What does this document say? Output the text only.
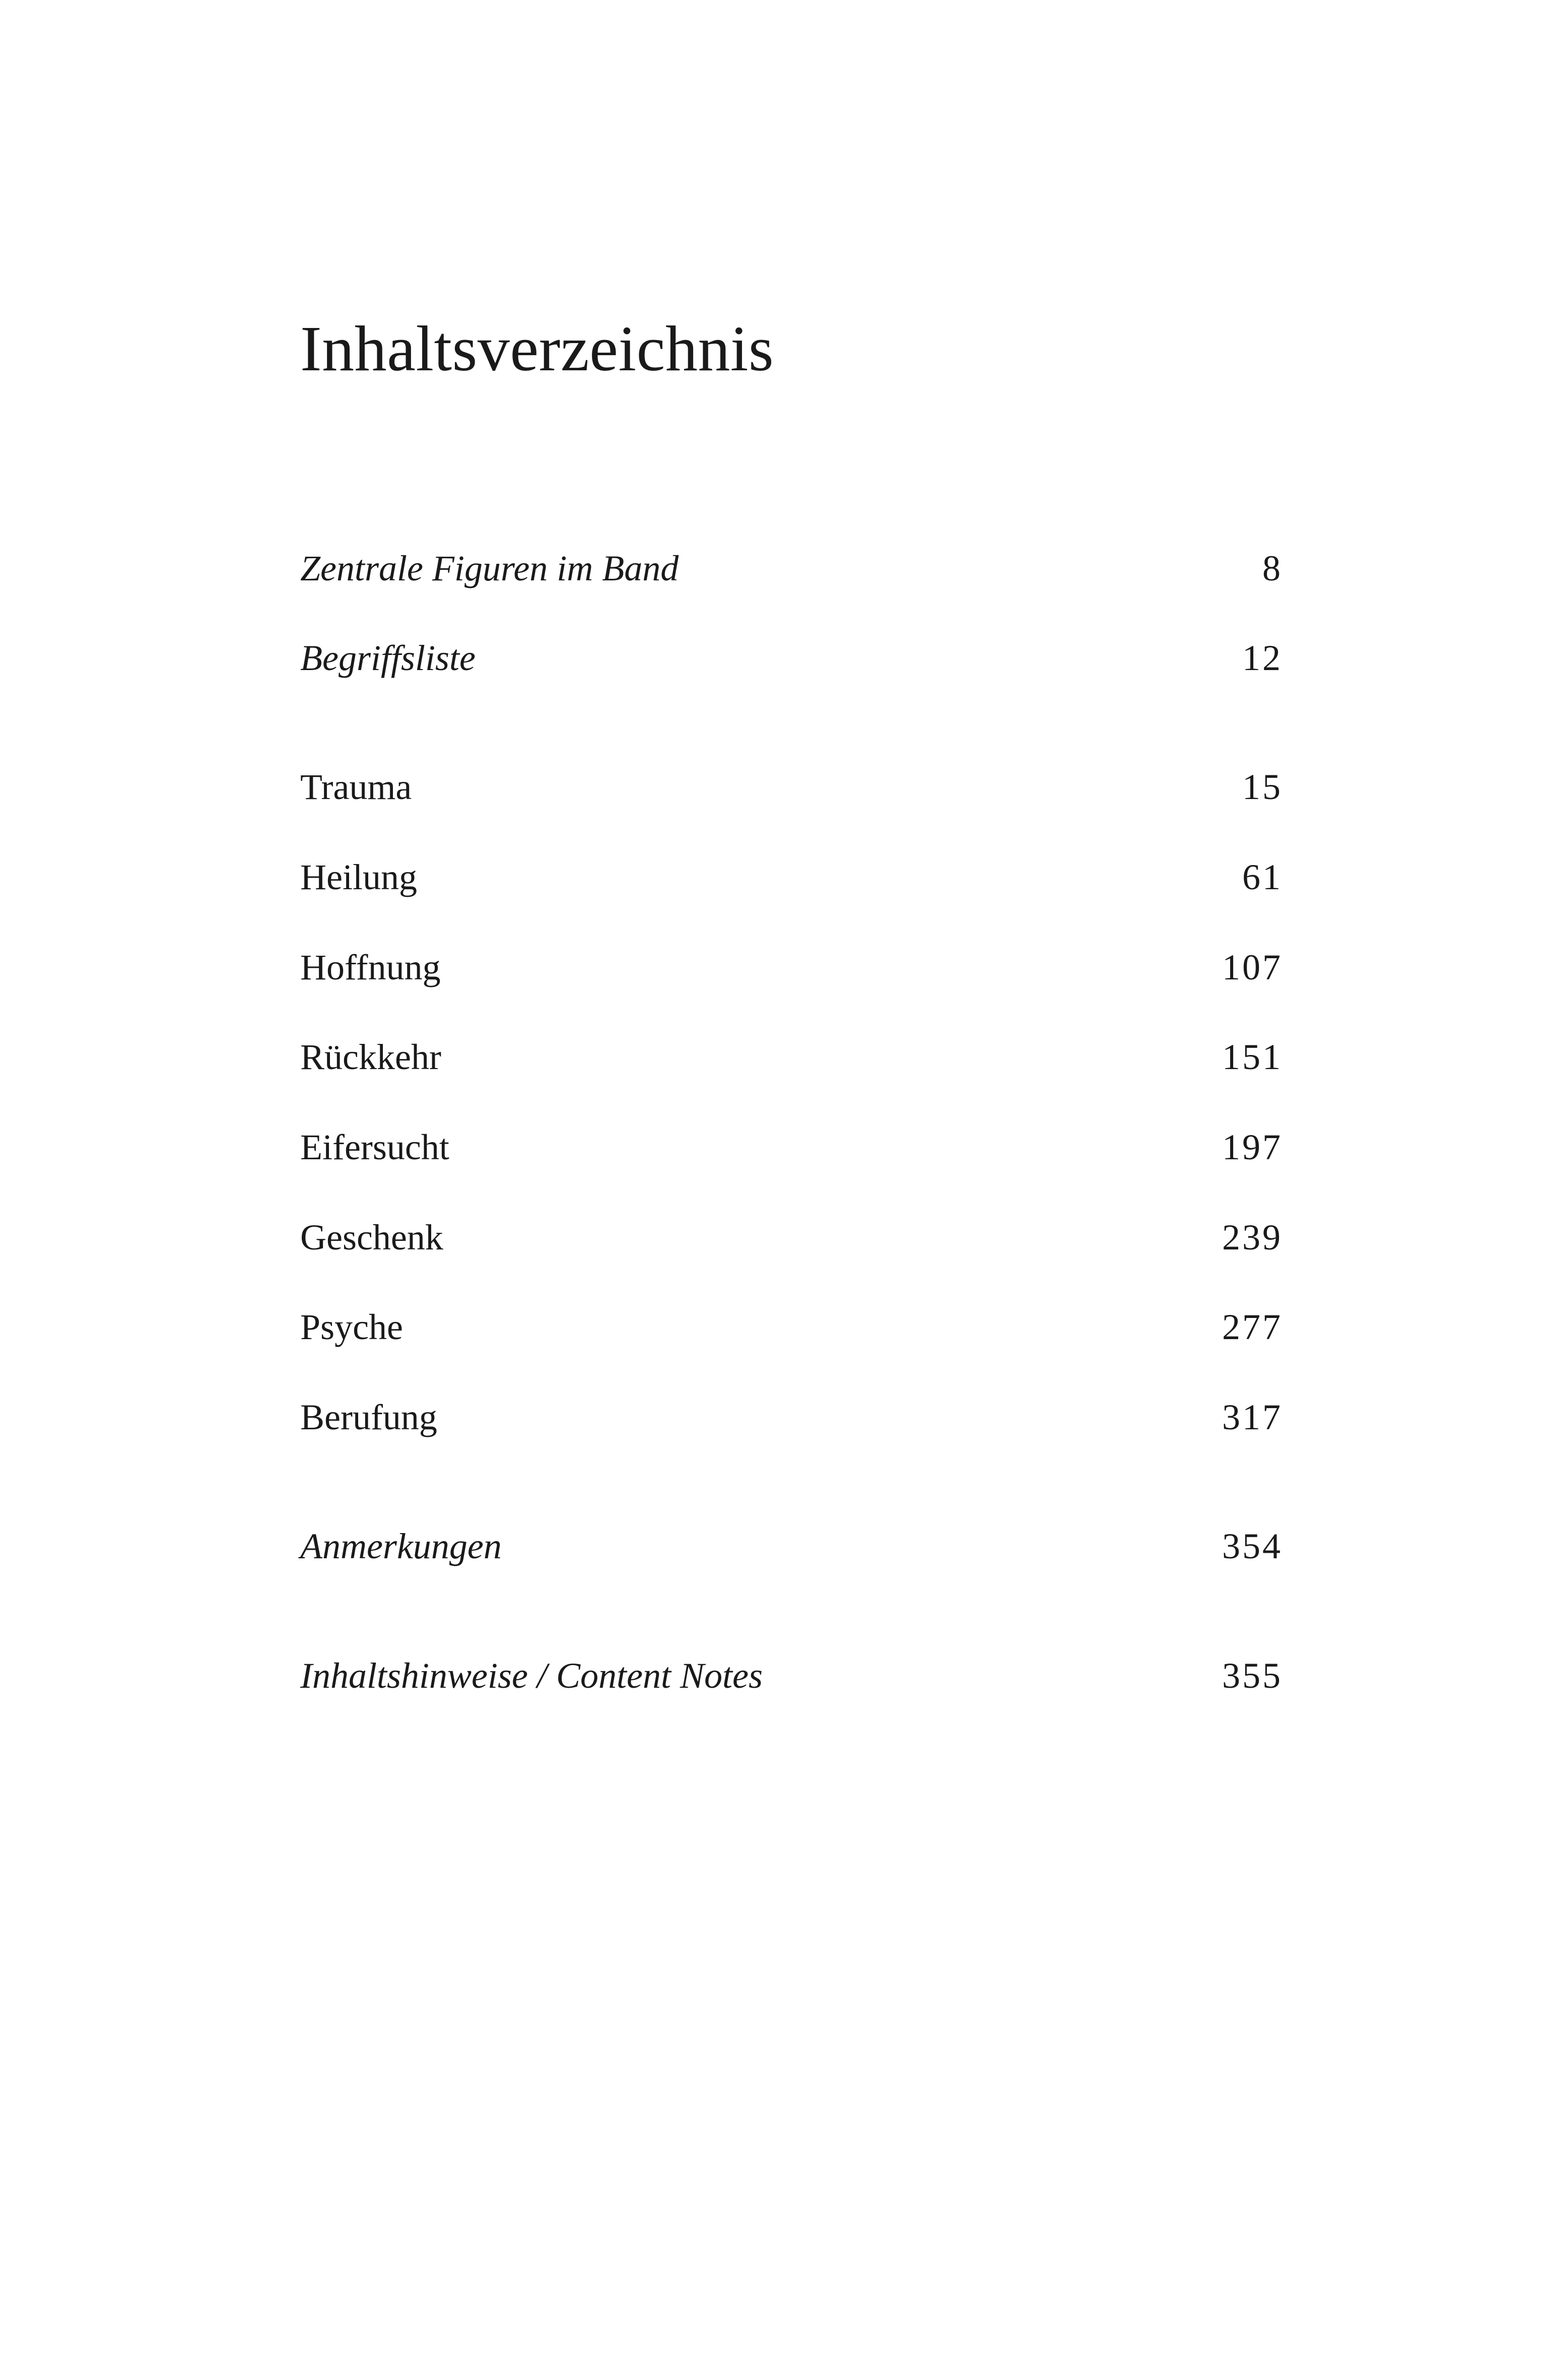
Inhaltsverzeichnis
Zentrale Figuren im Band	8
Begriffsliste	12
Trauma	15
Heilung	61
Hoffnung	107
Rückkehr	151
Eifersucht	197
Geschenk	239
Psyche	277
Berufung	317
Anmerkungen	354
Inhaltshinweise / Content Notes	355
